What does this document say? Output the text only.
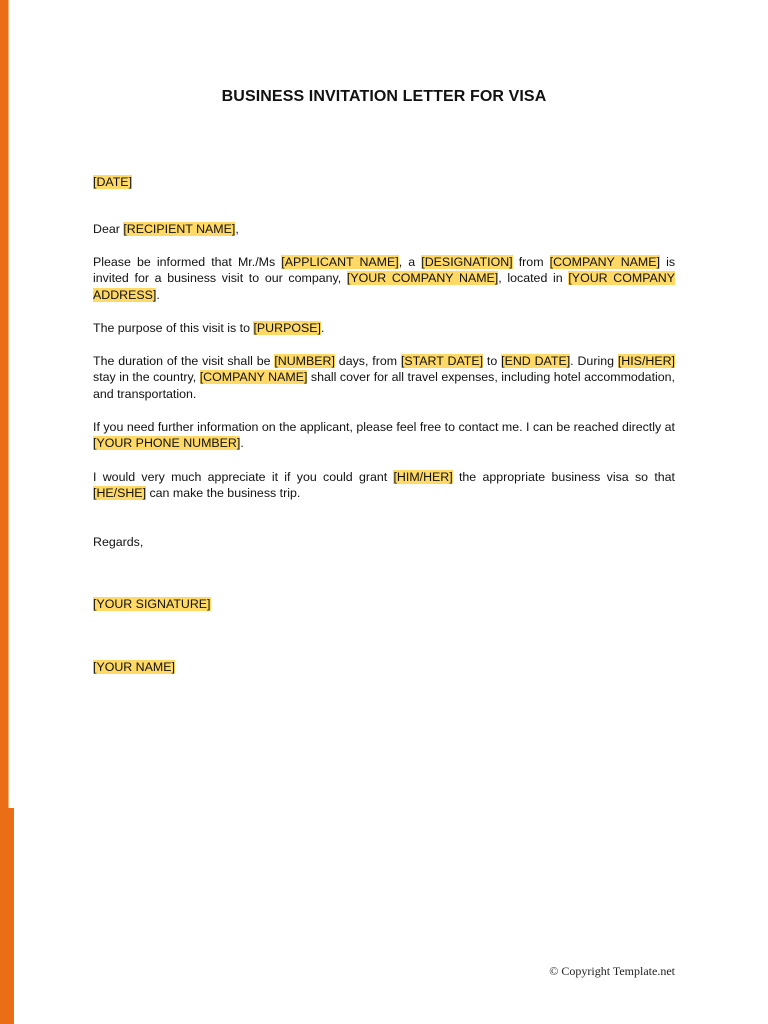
BUSINESS INVITATION LETTER FOR VISA

[DATE]

Dear [RECIPIENT NAME],

Please be informed that Mr./Ms [APPLICANT NAME], a [DESIGNATION] from [COMPANY NAME] is invited for a business visit to our company, [YOUR COMPANY NAME], located in [YOUR COMPANY ADDRESS].

The purpose of this visit is to [PURPOSE].

The duration of the visit shall be [NUMBER] days, from [START DATE] to [END DATE]. During [HIS/HER] stay in the country, [COMPANY NAME] shall cover for all travel expenses, including hotel accommodation, and transportation.

If you need further information on the applicant, please feel free to contact me. I can be reached directly at [YOUR PHONE NUMBER].

I would very much appreciate it if you could grant [HIM/HER] the appropriate business visa so that [HE/SHE] can make the business trip.

Regards,

[YOUR SIGNATURE]

[YOUR NAME]

© Copyright Template.net
